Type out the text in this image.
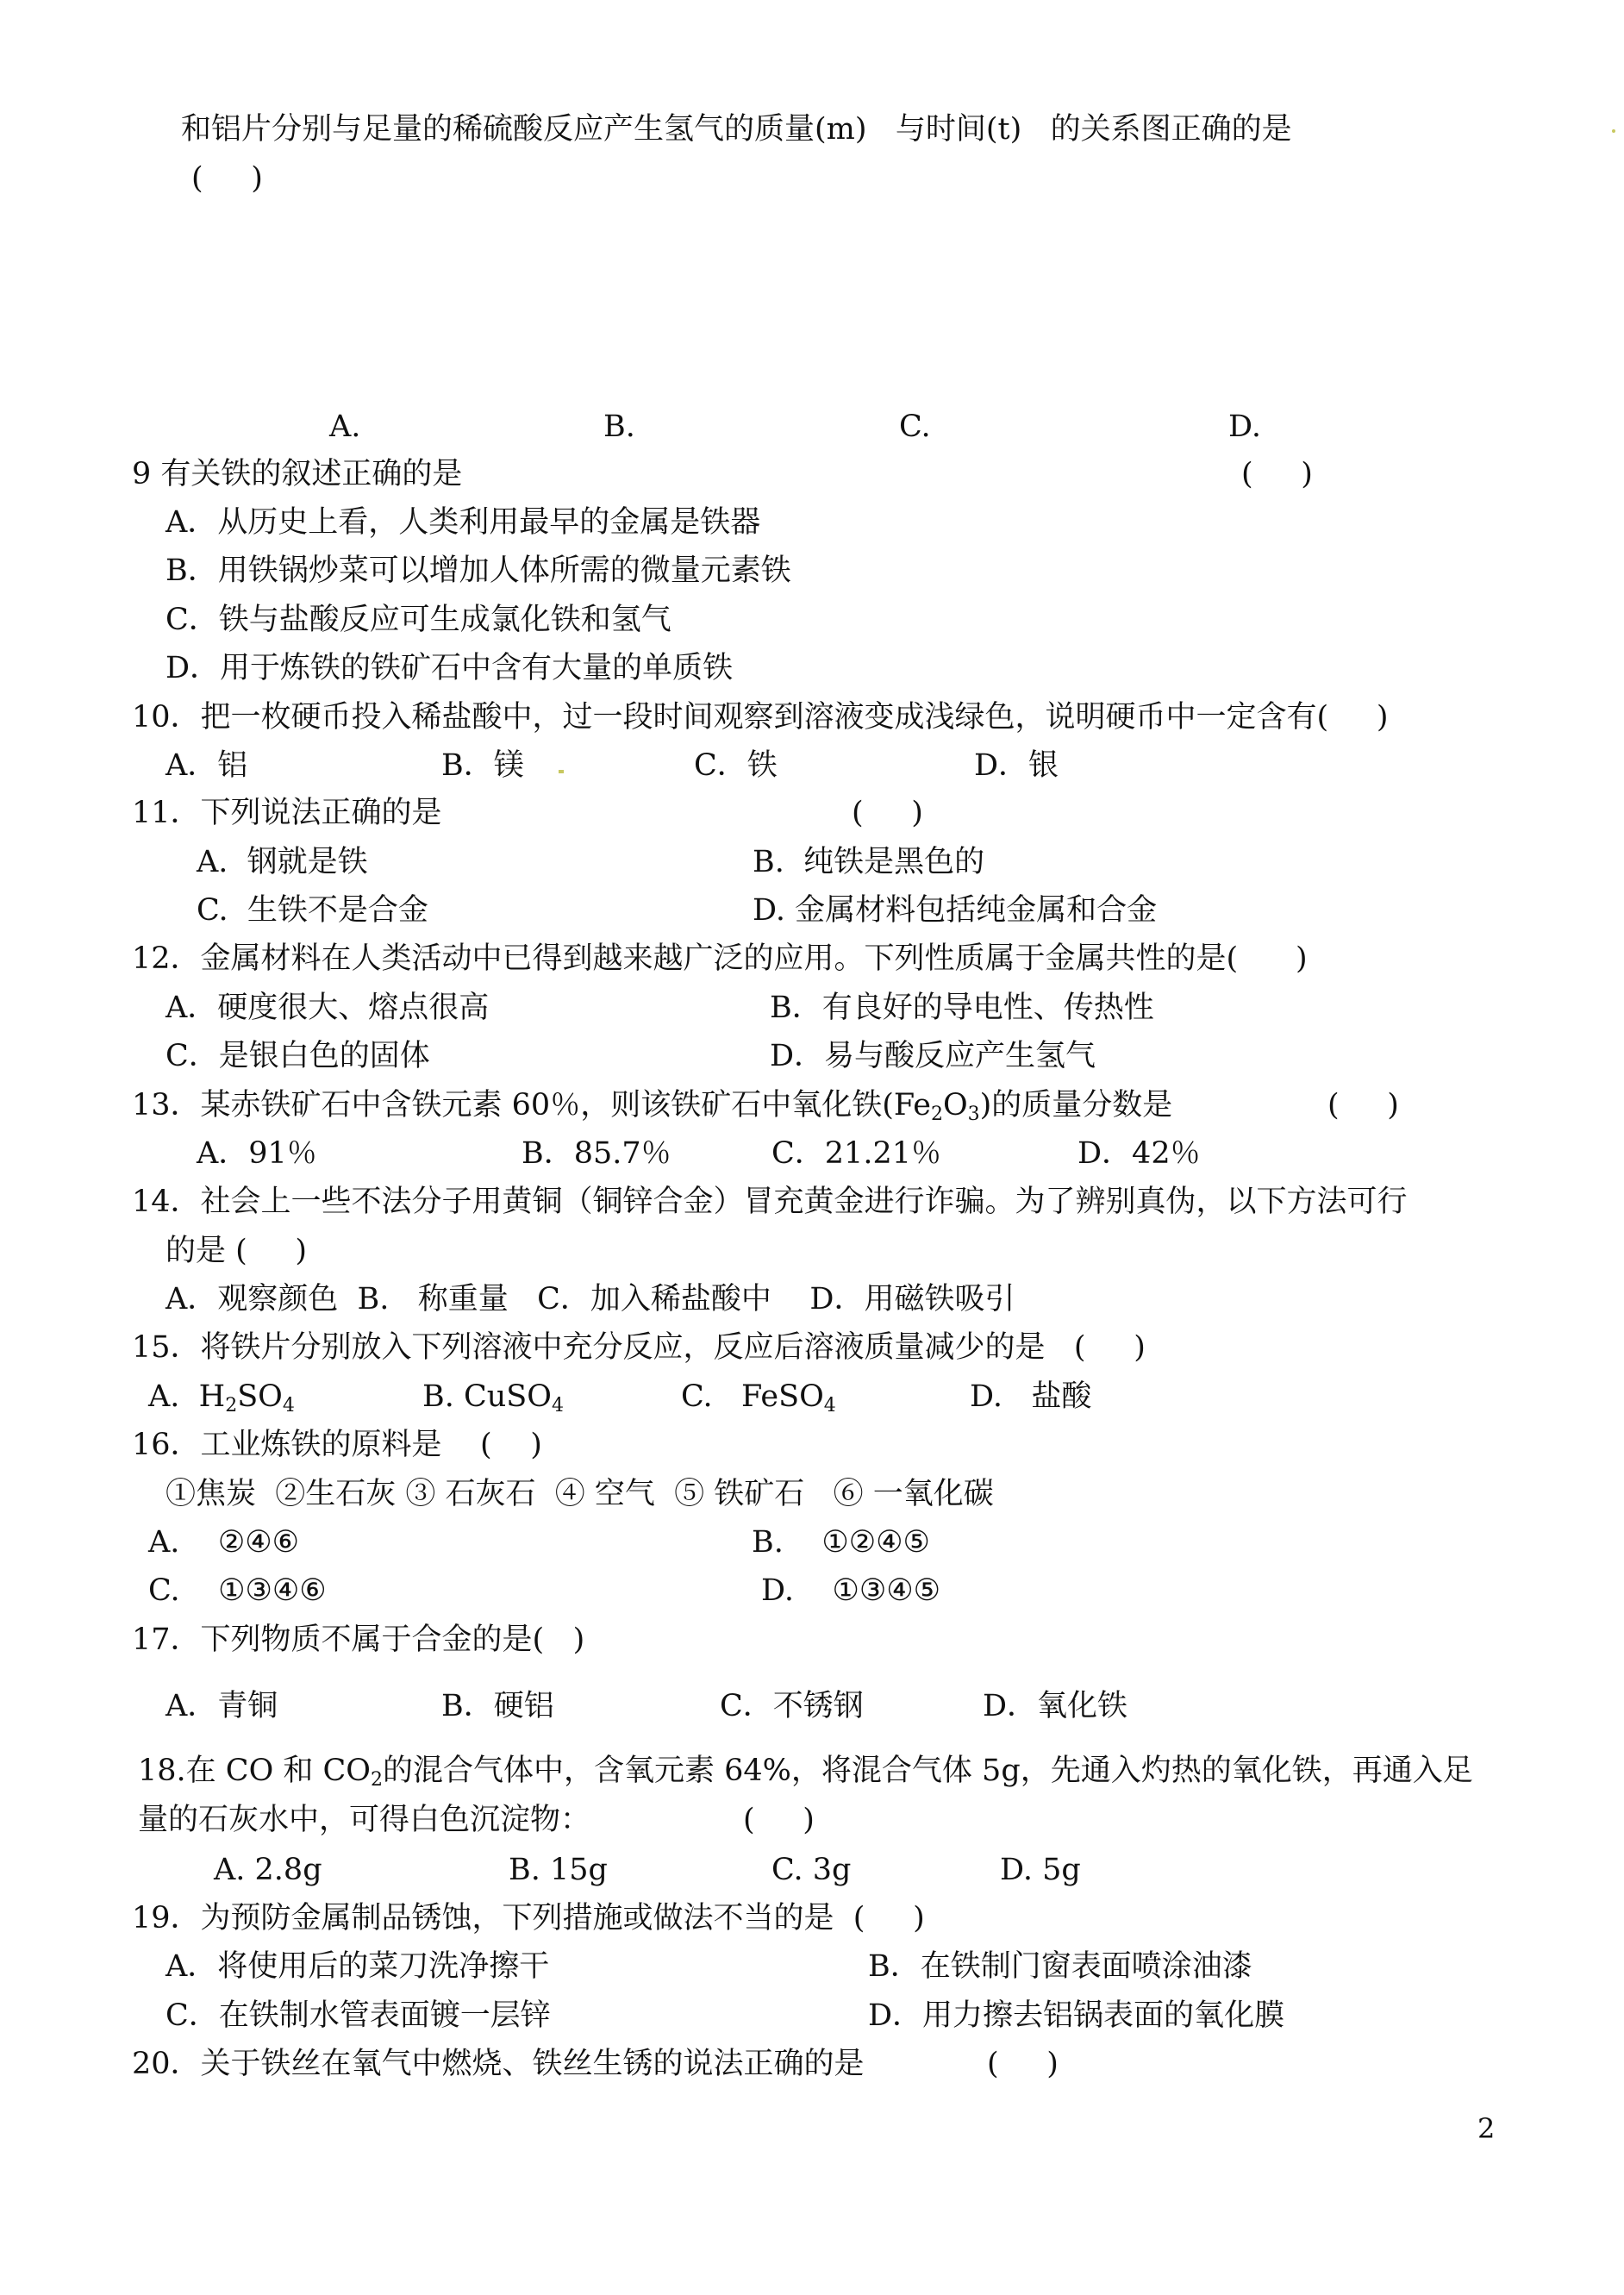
和铝片分别与足量的稀硫酸反应产生氢气的质量(m)   与时间(t)   的关系图正确的是
(     )

A.

	B.

	C.

	D.

9 有关铁的叙述正确的是	(     )
A．从历史上看，人类利用最早的金属是铁器
B．用铁锅炒菜可以增加人体所需的微量元素铁
C．铁与盐酸反应可生成氯化铁和氢气
D．用于炼铁的铁矿石中含有大量的单质铁
10．把一枚硬币投入稀盐酸中，过一段时间观察到溶液变成浅绿色，说明硬币中一定含有(     )

A．铝

	B．镁

	C．铁

	D．银

11．下列说法正确的是	(     )

A.  钢就是铁

	B.  纯铁是黑色的

C.  生铁不是合金

	D. 金属材料包括纯金属和合金

12．金属材料在人类活动中已得到越来越广泛的应用。下列性质属于金属共性的是(      )

A．硬度很大、熔点很高

	B．有良好的导电性、传热性

C．是银白色的固体

	D．易与酸反应产生氢气

13．某赤铁矿石中含铁元素 60％，则该铁矿石中氧化铁$(Fe_2O_3)$的质量分数是	(     )

A．91％

	B．85.7％

	C．21.21％

	D．42％

14．社会上一些不法分子用黄铜（铜锌合金）冒充黄金进行诈骗。为了辨别真伪，以下方法可行
的是 (     )
A．观察颜色  B.   称重量   C．加入稀盐酸中    D．用磁铁吸引
15．将铁片分别放入下列溶液中充分反应，反应后溶液质量减少的是   (     )

A.  $H_2SO_4$

	B. CuSO$_4$

	C.   FeSO$_4$

	D.   盐酸

16．工业炼铁的原料是    (    )
①焦炭  ②生石灰 ③ 石灰石  ④ 空气  ⑤ 铁矿石   ⑥ 一氧化碳

A.    ②④⑥

	B.    ①②④⑤

C.    ①③④⑥

	D.    ①③④⑤

17．下列物质不属于合金的是(   )

A．青铜

	B．硬铝

	C．不锈钢

	D．氧化铁

18.在 CO 和 $CO_2$的混合气体中，含氧元素 64%，将混合气体 5g，先通入灼热的氧化铁，再通入足
量的石灰水中，可得白色沉淀物：	(     )

A. 2.8g

	B. 15g

	C. 3g

	D. 5g

19．为预防金属制品锈蚀，下列措施或做法不当的是  (     )

A．将使用后的菜刀洗净擦干

	B．在铁制门窗表面喷涂油漆

C．在铁制水管表面镀一层锌

	D．用力擦去铝锅表面的氧化膜

20．关于铁丝在氧气中燃烧、铁丝生锈的说法正确的是	(     )
2
